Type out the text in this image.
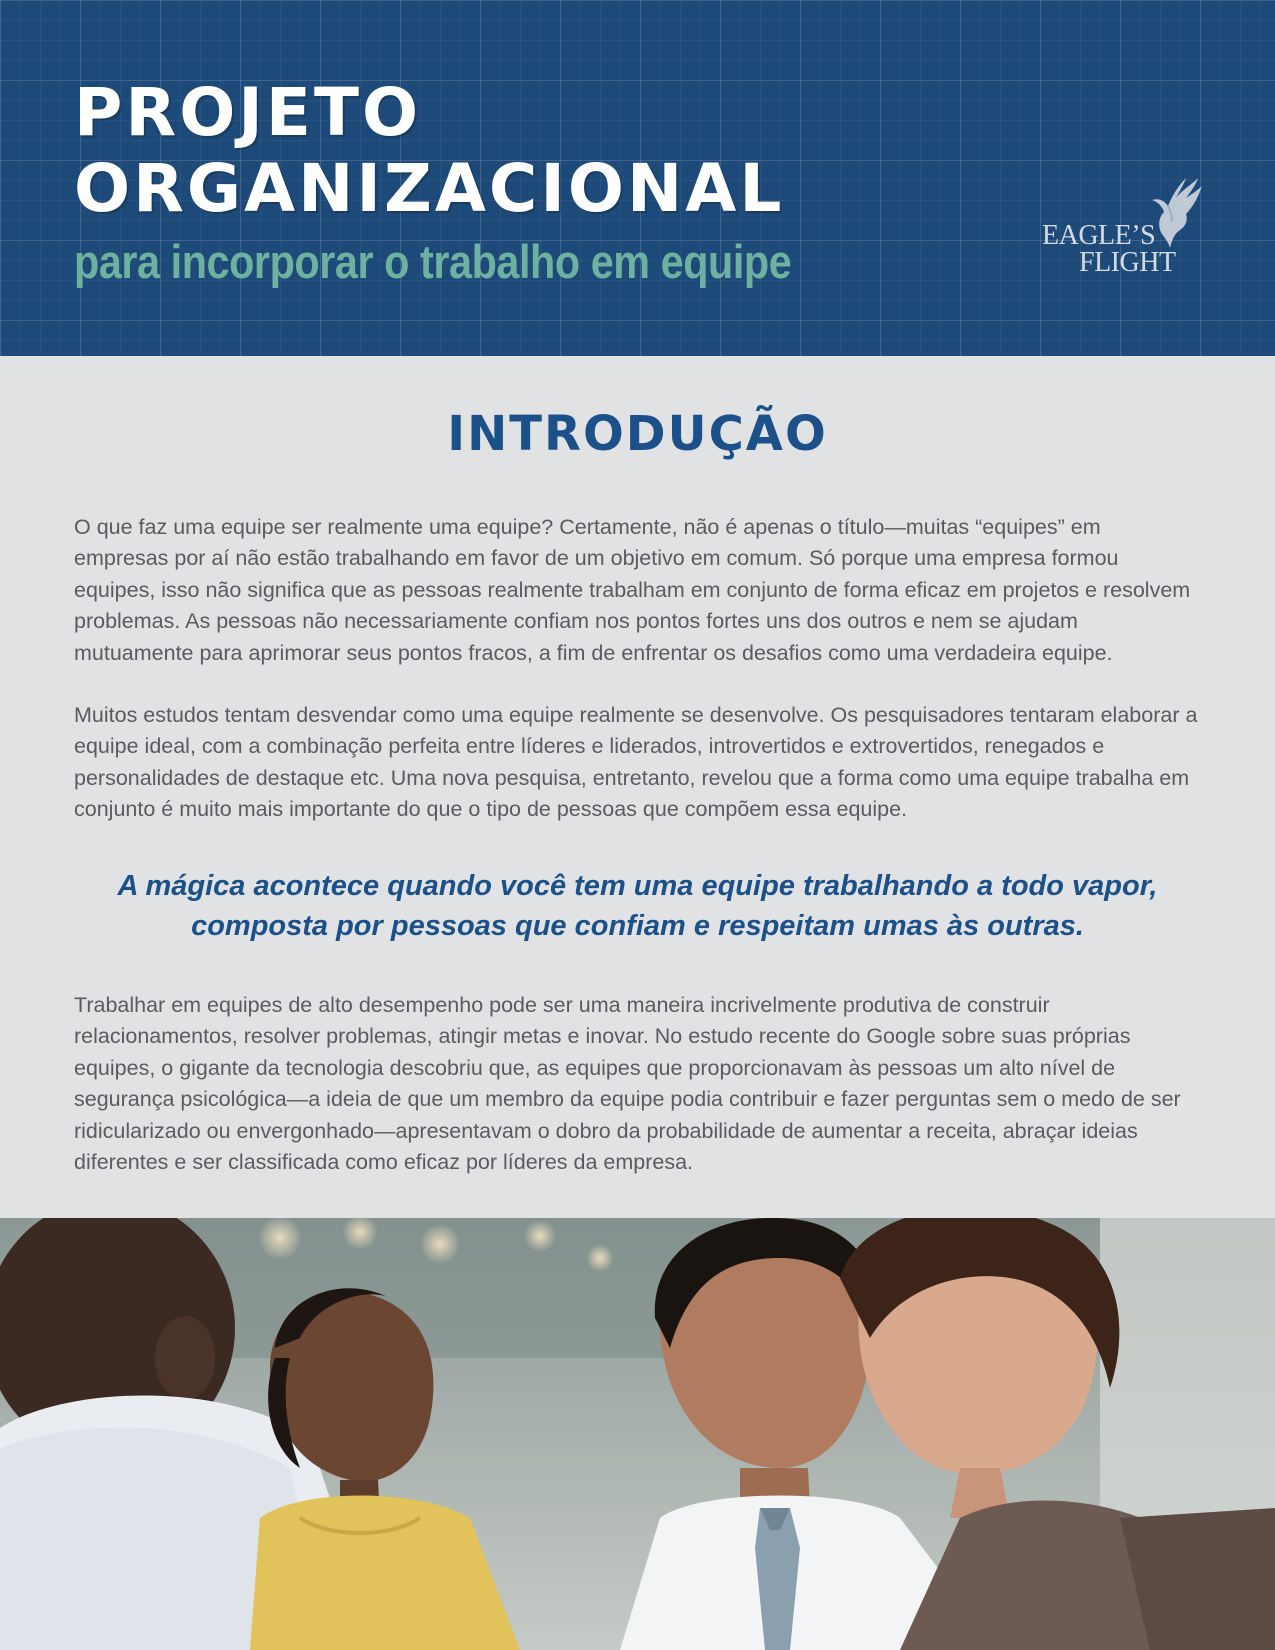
PROJETO
ORGANIZACIONAL
para incorporar o trabalho em equipe	EAGLE’S
FLIGHT
INTRODUÇÃO

O que faz uma equipe ser realmente uma equipe? Certamente, não é apenas o título—muitas “equipes” em empresas por aí não estão trabalhando em favor de um objetivo em comum. Só porque uma empresa formou equipes, isso não significa que as pessoas realmente trabalham em conjunto de forma eficaz em projetos e resolvem problemas. As pessoas não necessariamente confiam nos pontos fortes uns dos outros e nem se ajudam mutuamente para aprimorar seus pontos fracos, a fim de enfrentar os desafios como uma verdadeira equipe.

Muitos estudos tentam desvendar como uma equipe realmente se desenvolve. Os pesquisadores tentaram elaborar a equipe ideal, com a combinação perfeita entre líderes e liderados, introvertidos e extrovertidos, renegados e personalidades de destaque etc. Uma nova pesquisa, entretanto, revelou que a forma como uma equipe trabalha em conjunto é muito mais importante do que o tipo de pessoas que compõem essa equipe.

A mágica acontece quando você tem uma equipe trabalhando a todo vapor,
composta por pessoas que confiam e respeitam umas às outras.

Trabalhar em equipes de alto desempenho pode ser uma maneira incrivelmente produtiva de construir relacionamentos, resolver problemas, atingir metas e inovar. No estudo recente do Google sobre suas próprias equipes, o gigante da tecnologia descobriu que, as equipes que proporcionavam às pessoas um alto nível de segurança psicológica—a ideia de que um membro da equipe podia contribuir e fazer perguntas sem o medo de ser ridicularizado ou envergonhado—apresentavam o dobro da probabilidade de aumentar a receita, abraçar ideias diferentes e ser classificada como eficaz por líderes da empresa.
